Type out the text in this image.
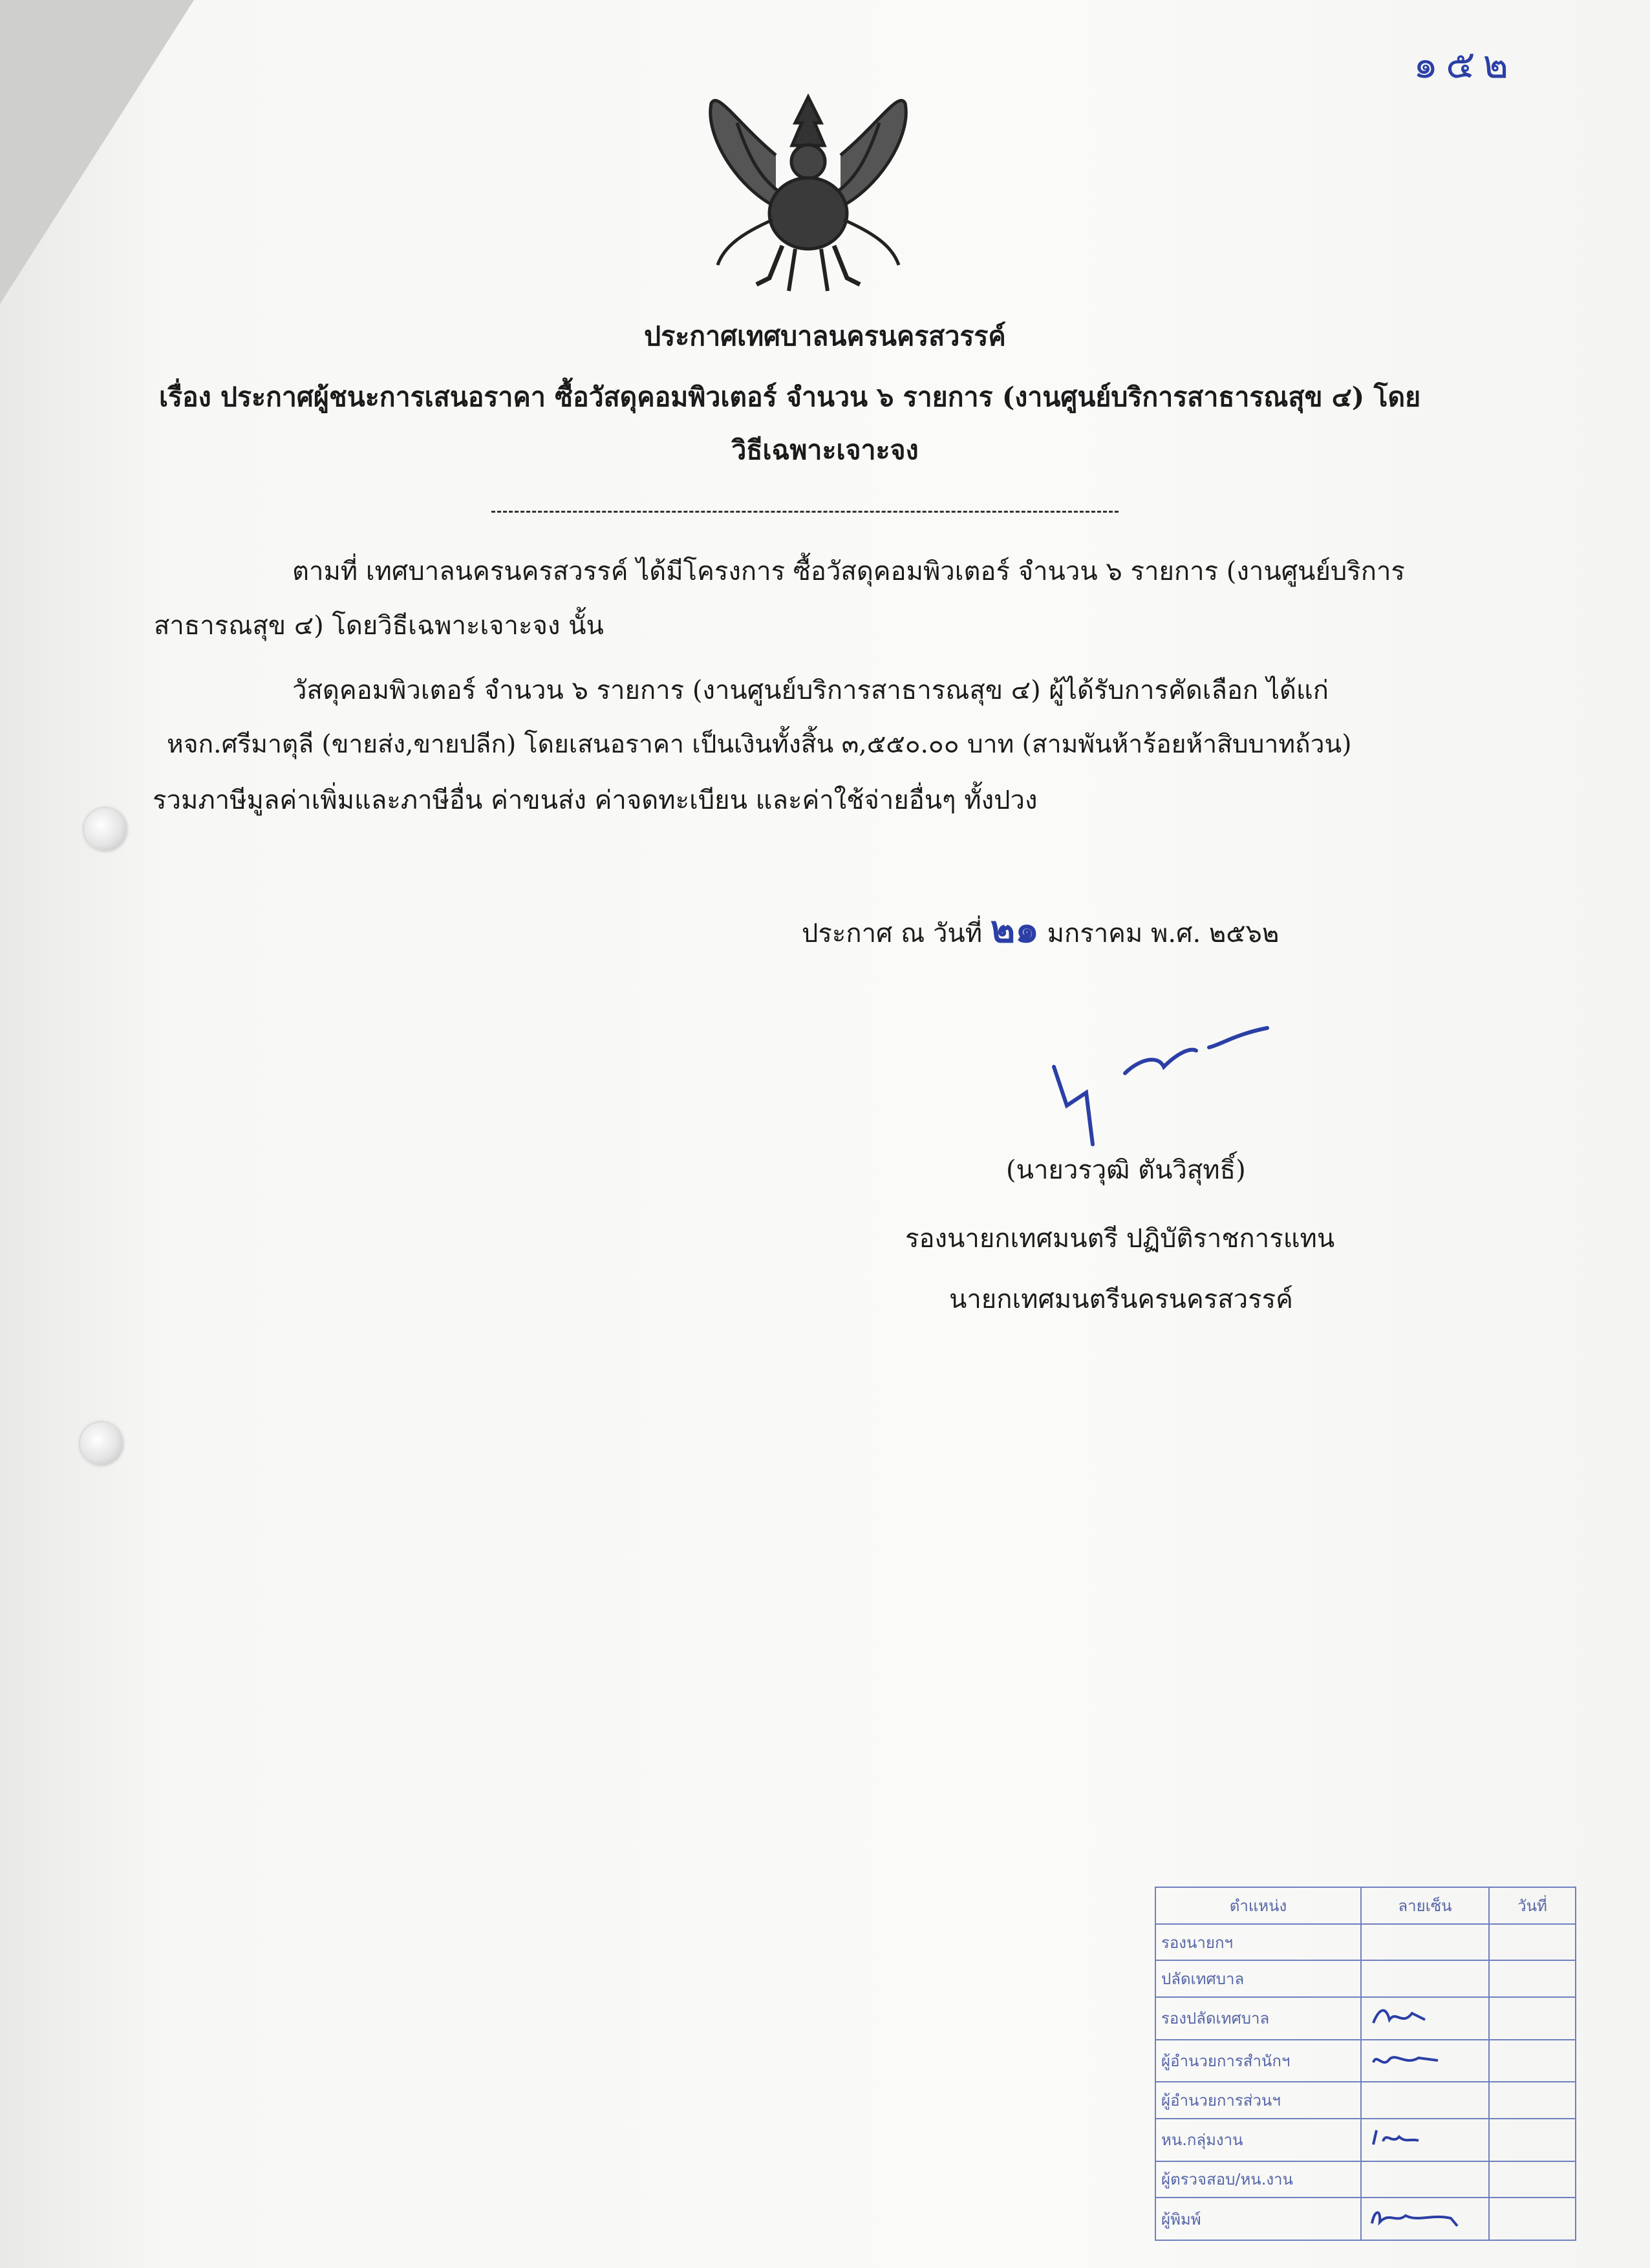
๑๕๒
ประกาศเทศบาลนครนครสวรรค์
เรื่อง ประกาศผู้ชนะการเสนอราคา ซื้อวัสดุคอมพิวเตอร์ จำนวน ๖ รายการ (งานศูนย์บริการสาธารณสุข ๔) โดย
วิธีเฉพาะเจาะจง
ตามที่ เทศบาลนครนครสวรรค์ ได้มีโครงการ ซื้อวัสดุคอมพิวเตอร์ จำนวน ๖ รายการ (งานศูนย์บริการ
สาธารณสุข ๔) โดยวิธีเฉพาะเจาะจง นั้น
วัสดุคอมพิวเตอร์ จำนวน ๖ รายการ (งานศูนย์บริการสาธารณสุข ๔) ผู้ได้รับการคัดเลือก ได้แก่
หจก.ศรีมาตุลี (ขายส่ง,ขายปลีก) โดยเสนอราคา เป็นเงินทั้งสิ้น ๓,๕๕๐.๐๐ บาท (สามพันห้าร้อยห้าสิบบาทถ้วน)
รวมภาษีมูลค่าเพิ่มและภาษีอื่น ค่าขนส่ง ค่าจดทะเบียน และค่าใช้จ่ายอื่นๆ ทั้งปวง
ประกาศ ณ วันที่ ๒๑ มกราคม พ.ศ. ๒๕๖๒
(นายวรวุฒิ ตันวิสุทธิ์)
รองนายกเทศมนตรี ปฏิบัติราชการแทน
นายกเทศมนตรีนครนครสวรรค์
ตำแหน่ง	ลายเซ็น	วันที่
รองนายกฯ		
ปลัดเทศบาล		
รองปลัดเทศบาล		
ผู้อำนวยการสำนักฯ		
ผู้อำนวยการส่วนฯ		
หน.กลุ่มงาน		
ผู้ตรวจสอบ/หน.งาน		
ผู้พิมพ์		
